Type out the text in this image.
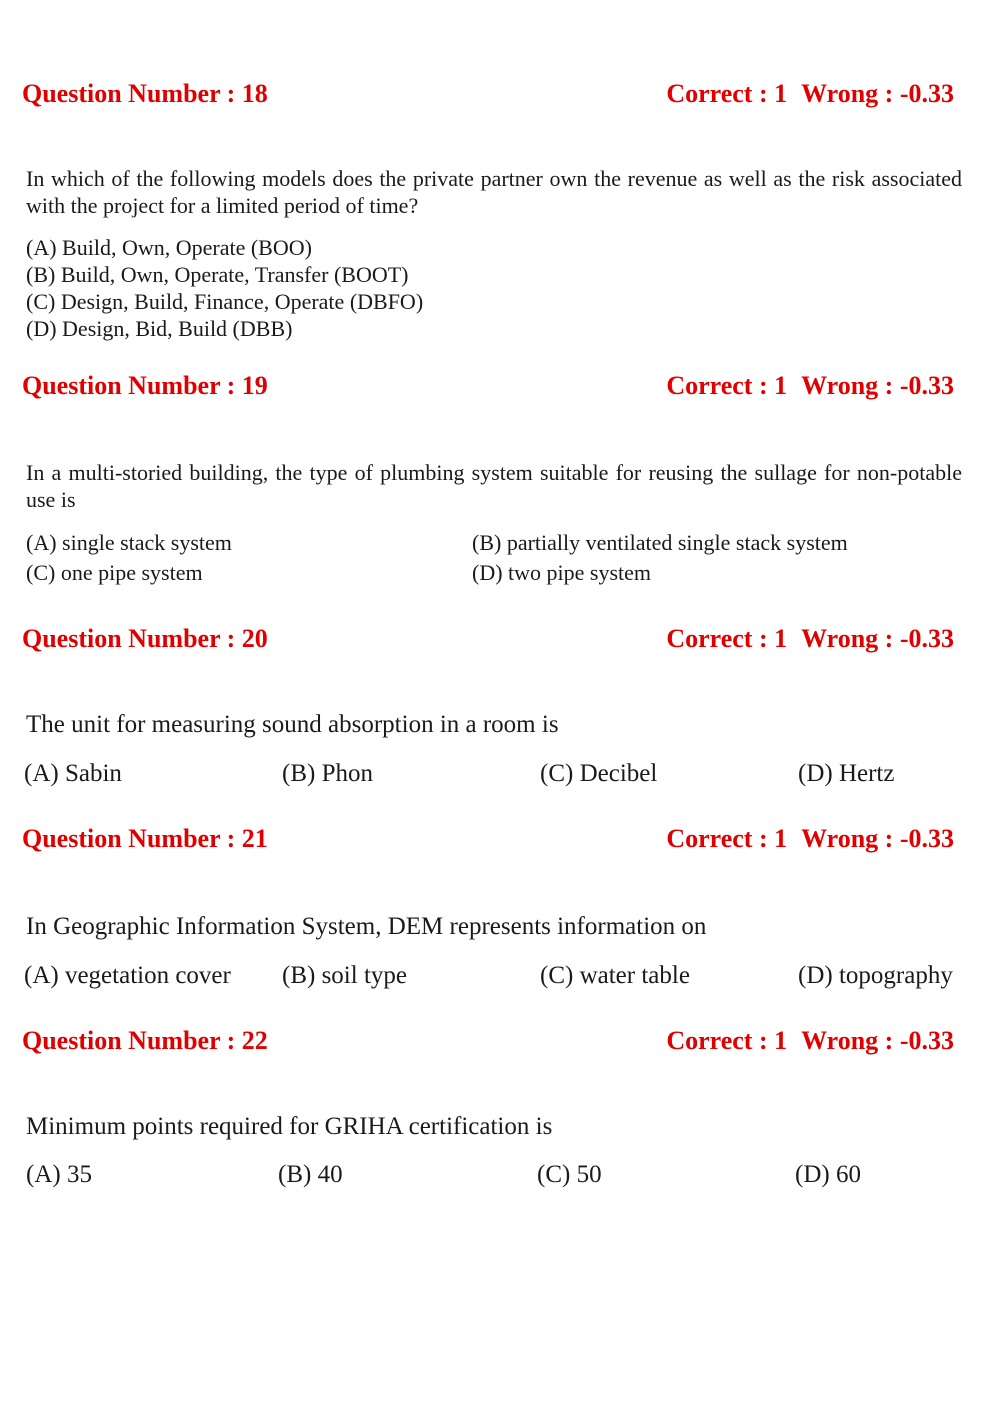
Question Number : 18	Correct : 1 Wrong : -0.33
In which of the following models does the private partner own the revenue as well as the risk associated with the project for a limited period of time?
(A) Build, Own, Operate (BOO)
(B) Build, Own, Operate, Transfer (BOOT)
(C) Design, Build, Finance, Operate (DBFO)
(D) Design, Bid, Build (DBB)
Question Number : 19	Correct : 1 Wrong : -0.33
In a multi-storied building, the type of plumbing system suitable for reusing the sullage for non-potable use is
(A) single stack system	(B) partially ventilated single stack system
(C) one pipe system	(D) two pipe system
Question Number : 20	Correct : 1 Wrong : -0.33
The unit for measuring sound absorption in a room is
(A) Sabin	(B) Phon	(C) Decibel	(D) Hertz
Question Number : 21	Correct : 1 Wrong : -0.33
In Geographic Information System, DEM represents information on
(A) vegetation cover (B) soil type	(C) water table	(D) topography
Question Number : 22	Correct : 1 Wrong : -0.33
Minimum points required for GRIHA certification is
(A) 35	(B) 40	(C) 50	(D) 60
